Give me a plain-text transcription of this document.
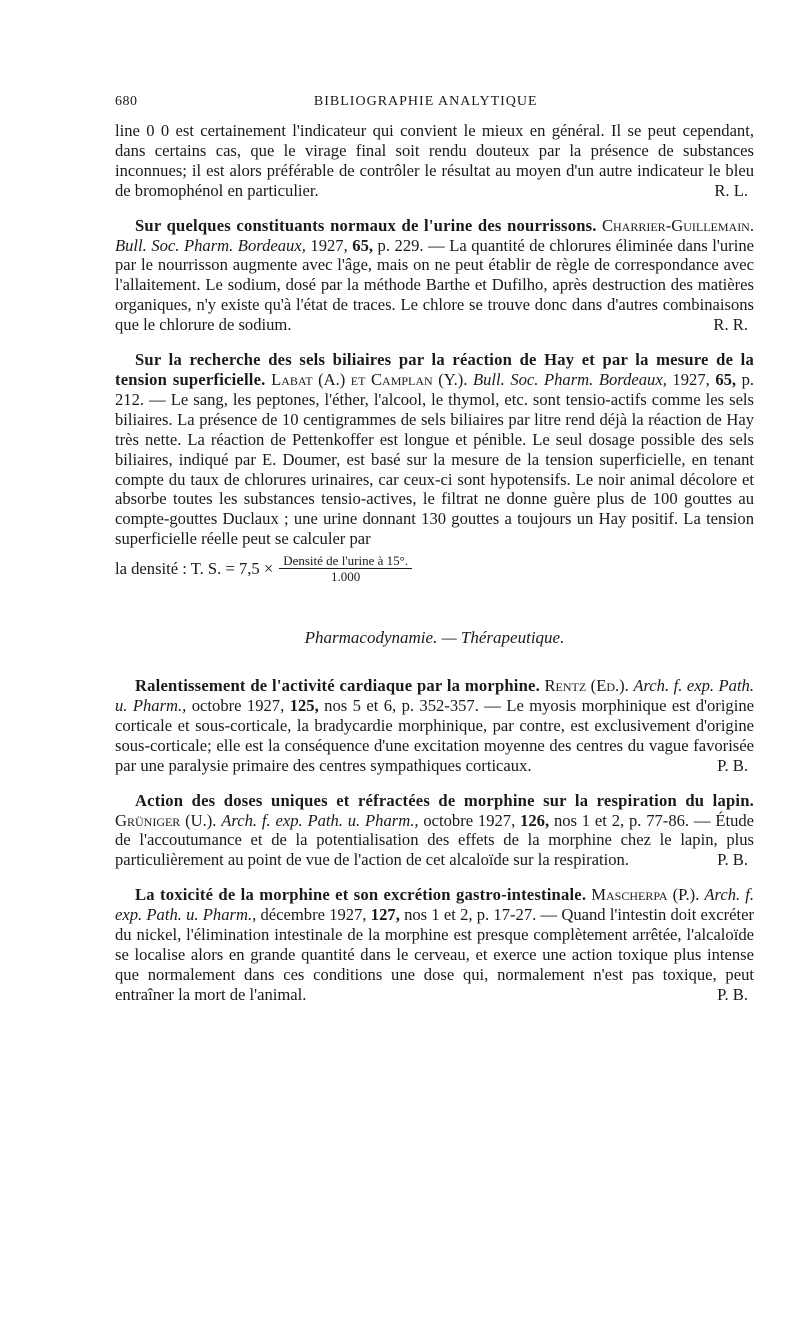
680	BIBLIOGRAPHIE ANALYTIQUE

line 0 0 est certainement l'indicateur qui convient le mieux en général. Il se peut cependant, dans certains cas, que le virage final soit rendu douteux par la présence de substances inconnues; il est alors préférable de contrôler le résultat au moyen d'un autre indicateur le bleu de bromophénol en particulier.	R. L.

Sur quelques constituants normaux de l'urine des nourrissons. Charrier-Guillemain. Bull. Soc. Pharm. Bordeaux, 1927, 65, p. 229. — La quantité de chlorures éliminée dans l'urine par le nourrisson augmente avec l'âge, mais on ne peut établir de règle de correspondance avec l'allaitement. Le sodium, dosé par la méthode Barthe et Dufilho, après destruction des matières organiques, n'y existe qu'à l'état de traces. Le chlore se trouve donc dans d'autres combinaisons que le chlorure de sodium.	R. R.

Sur la recherche des sels biliaires par la réaction de Hay et par la mesure de la tension superficielle. Labat (A.) et Camplan (Y.). Bull. Soc. Pharm. Bordeaux, 1927, 65, p. 212. — Le sang, les peptones, l'éther, l'alcool, le thymol, etc. sont tensio-actifs comme les sels biliaires. La présence de 10 centigrammes de sels biliaires par litre rend déjà la réaction de Hay très nette. La réaction de Pettenkoffer est longue et pénible. Le seul dosage possible des sels biliaires, indiqué par E. Doumer, est basé sur la mesure de la tension superficielle, en tenant compte du taux de chlorures urinaires, car ceux-ci sont hypotensifs. Le noir animal décolore et absorbe toutes les substances tensio-actives, le filtrat ne donne guère plus de 100 gouttes au compte-gouttes Duclaux ; une urine donnant 130 gouttes a toujours un Hay positif. La tension superficielle réelle peut se calculer par

la densité : T. S. = $7,5 \times \frac{\text{Densité de l'urine à 15°.}}{1.000}$
Pharmacodynamie. — Thérapeutique.

Ralentissement de l'activité cardiaque par la morphine. Rentz (Ed.). Arch. f. exp. Path. u. Pharm., octobre 1927, 125, nos 5 et 6, p. 352-357. — Le myosis morphinique est d'origine corticale et sous-corticale, la bradycardie morphinique, par contre, est exclusivement d'origine sous-corticale; elle est la conséquence d'une excitation moyenne des centres du vague favorisée par une paralysie primaire des centres sympathiques corticaux.	P. B.

Action des doses uniques et réfractées de morphine sur la respiration du lapin. Grüniger (U.). Arch. f. exp. Path. u. Pharm., octobre 1927, 126, nos 1 et 2, p. 77-86. — Étude de l'accoutumance et de la potentialisation des effets de la morphine chez le lapin, plus particulièrement au point de vue de l'action de cet alcaloïde sur la respiration.	P. B.

La toxicité de la morphine et son excrétion gastro-intestinale. Mascherpa (P.). Arch. f. exp. Path. u. Pharm., décembre 1927, 127, nos 1 et 2, p. 17-27. — Quand l'intestin doit excréter du nickel, l'élimination intestinale de la morphine est presque complètement arrêtée, l'alcaloïde se localise alors en grande quantité dans le cerveau, et exerce une action toxique plus intense que normalement dans ces conditions une dose qui, normalement n'est pas toxique, peut entraîner la mort de l'animal.	P. B.
